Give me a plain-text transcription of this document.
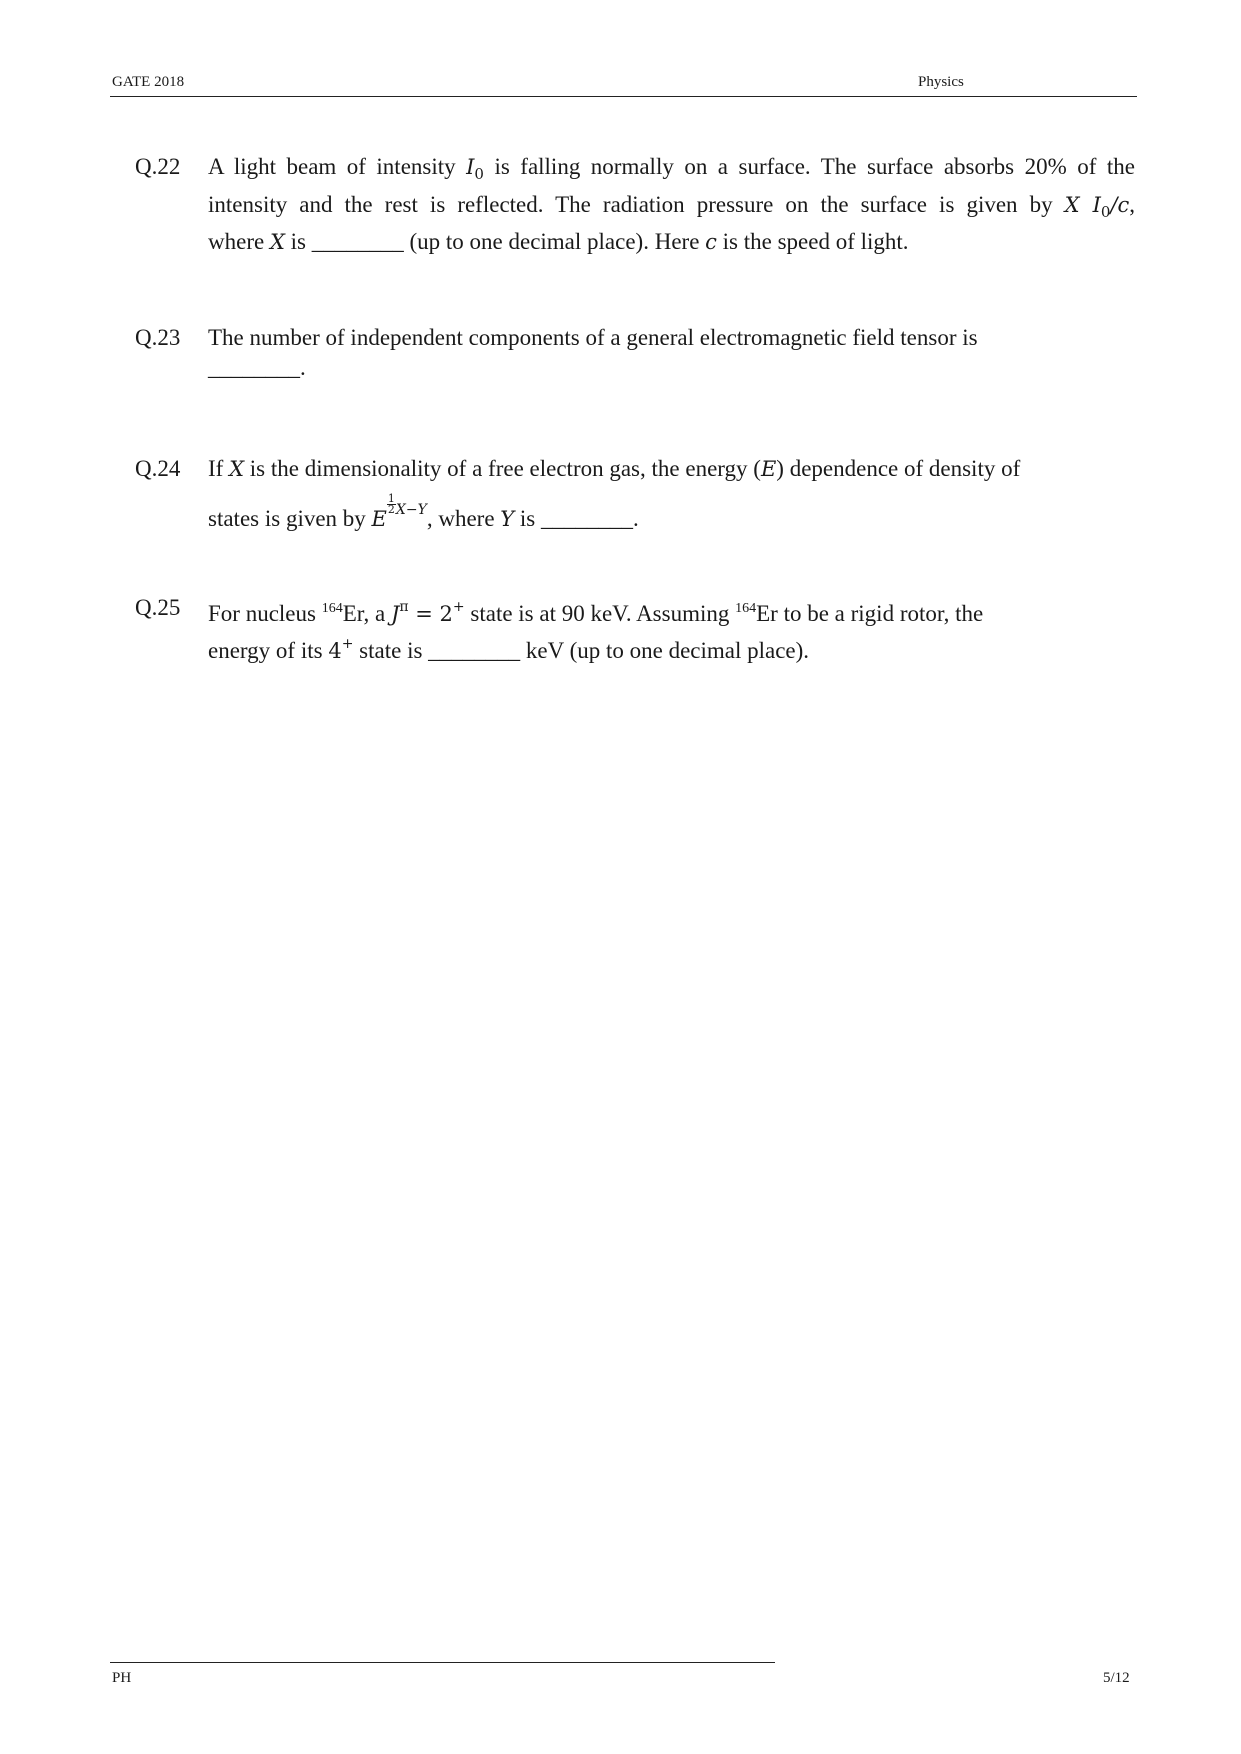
GATE 2018	Physics
Q.22 A light beam of intensity $I_0$ is falling normally on a surface. The surface absorbs 20% of the
intensity and the rest is reflected. The radiation pressure on the surface is given by X $I_0/c$,
where X is ________ (up to one decimal place). Here c is the speed of light.
Q.23 The number of independent components of a general electromagnetic field tensor is
________.
Q.24 If X is the dimensionality of a free electron gas, the energy (E) dependence of density of
states is given by E
$\frac{1}{2} X-Y$, where Y is ________.
Q.25 For nucleus $^{164}$Er, a $J^\pi = 2^+$ state is at 90 keV. Assuming $^{164}$Er to be a rigid rotor, the
energy of its 4+ state is ________ keV (up to one decimal place).
PH	5/12
